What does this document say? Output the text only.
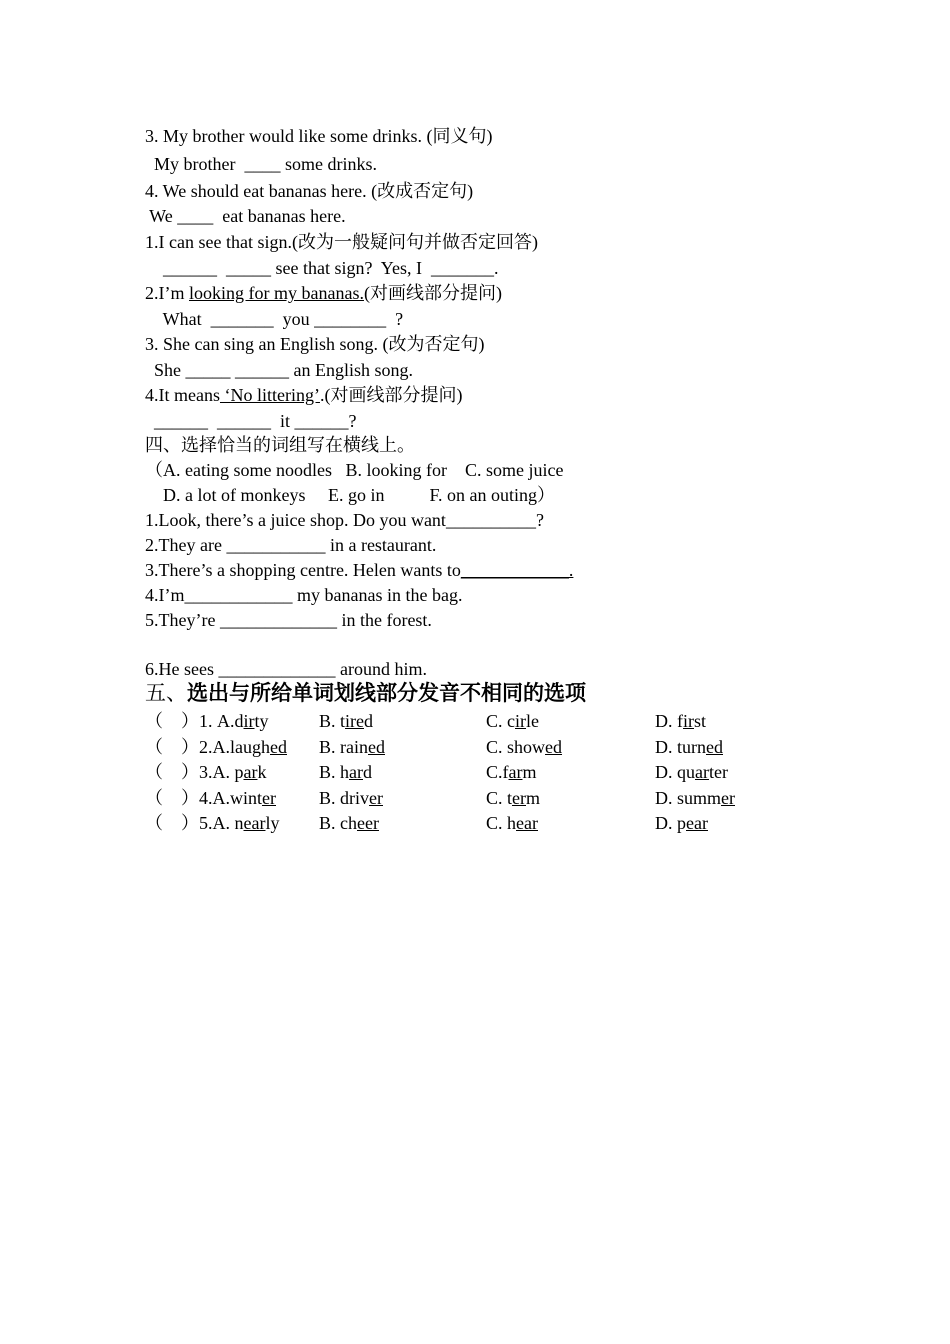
3. My brother would like some drinks. (同义句)
My brother  ____ some drinks.
4. We should eat bananas here. (改成否定句)
We ____  eat bananas here.
1.I can see that sign.(改为一般疑问句并做否定回答)
______  _____ see that sign?  Yes, I  _______.
2.I’m looking for my bananas.(对画线部分提问)
What  _______  you ________  ?
3. She can sing an English song. (改为否定句)
She _____ ______ an English song.
4.It means ‘No littering’.(对画线部分提问)
______  ______  it ______?
四、选择恰当的词组写在横线上。
（A. eating some noodles   B. looking for    C. some juice
D. a lot of monkeys     E. go in          F. on an outing）
1.Look, there’s a juice shop. Do you want__________?
2.They are ___________ in a restaurant.
3.There’s a shopping centre. Helen wants to____________.
4.I’m____________ my bananas in the bag.
5.They’re _____________ in the forest.
6.He sees _____________ around him.
（    ）1. A.dirty	B. tired	C. cirle	D. first
（    ）2.A.laughed B. rained	C. showed	D. turned
（    ）3.A. park	B. hard	C.farm	D. quarter
（    ）4.A.winter B. driver	C. term	D. summer
（    ）5.A. nearly B. cheer	C. hear	D. pear
五、选出与所给单词划线部分发音不相同的选项
